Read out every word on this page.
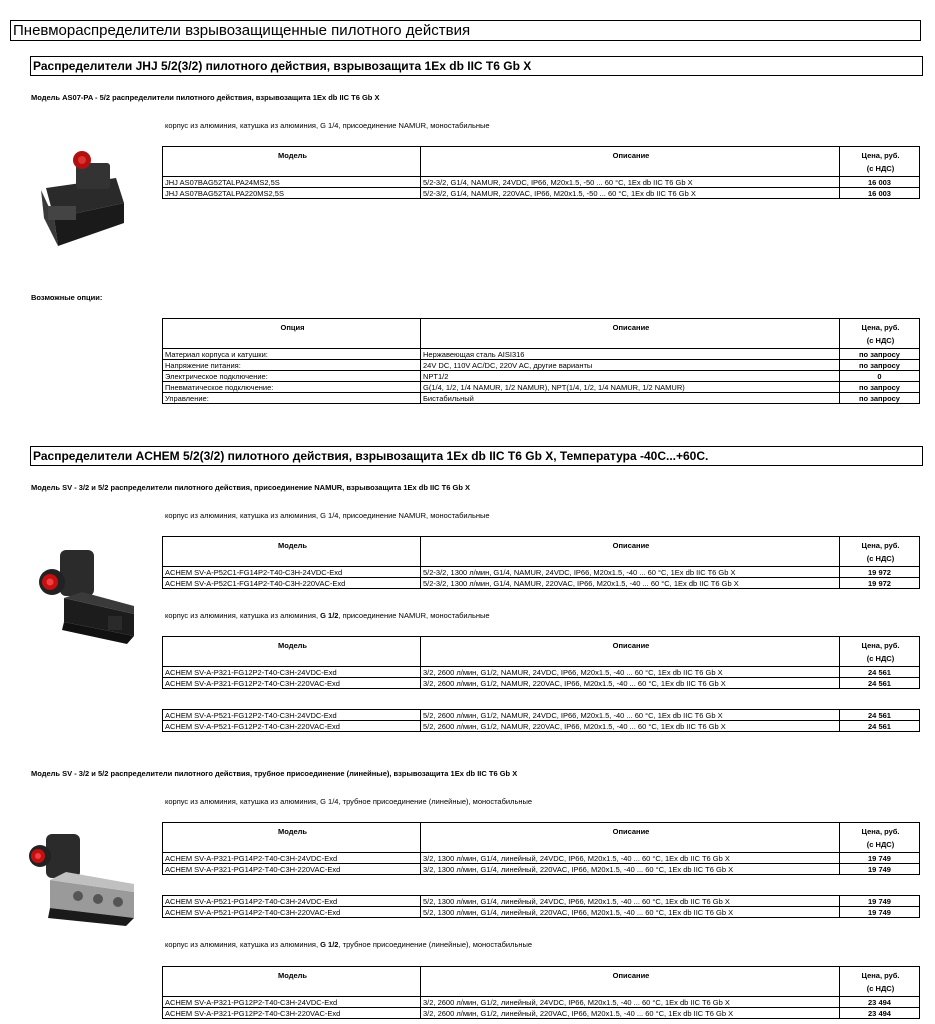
Пневмораспределители взрывозащищенные пилотного действия
Распределители JHJ 5/2(3/2) пилотного действия, взрывозащита 1Ex db IIC T6 Gb X
Модель AS07-PA - 5/2 распределители пилотного действия, взрывозащита 1Ex db IIC T6 Gb X
корпус из алюминия, катушка из алюминия, G 1/4, присоединение NAMUR, моностабильные
Модель	Описание	Цена, руб.
(с НДС)
JHJ AS07BAG52TALPA24MS2,5S	5/2-3/2, G1/4, NAMUR, 24VDC, IP66, M20x1.5, -50 ... 60 °C, 1Ex db IIC T6 Gb X	16 003
JHJ AS07BAG52TALPA220MS2,5S	5/2-3/2, G1/4, NAMUR, 220VAC, IP66, M20x1.5, -50 ... 60 °C, 1Ex db IIC T6 Gb X	16 003
Возможные опции:
Опция	Описание	Цена, руб.
(с НДС)
Материал корпуса и катушки:	Нержавеющая сталь AISI316	по запросу
Напряжение питания:	24V DC, 110V AC/DC, 220V AC, другие варианты	по запросу
Электрическое подключение:	NPT1/2	0
Пневматическое подключение:	G(1/4, 1/2, 1/4 NAMUR, 1/2 NAMUR), NPT(1/4, 1/2, 1/4 NAMUR, 1/2 NAMUR)	по запросу
Управление:	Бистабильный	по запросу
Распределители ACHEM 5/2(3/2) пилотного действия, взрывозащита 1Ex db IIC T6 Gb X, Температура -40C...+60C.
Модель SV - 3/2 и 5/2 распределители пилотного действия, присоединение NAMUR, взрывозащита 1Ex db IIC T6 Gb X
корпус из алюминия, катушка из алюминия, G 1/4, присоединение NAMUR, моностабильные
Модель	Описание	Цена, руб.
(с НДС)
ACHEM SV-A-P52C1-FG14P2-T40-C3H-24VDC-Exd	5/2-3/2, 1300 л/мин, G1/4, NAMUR, 24VDC, IP66, M20x1.5, -40 ... 60 °C, 1Ex db IIC T6 Gb X	19 972
ACHEM SV-A-P52C1-FG14P2-T40-C3H-220VAC-Exd	5/2-3/2, 1300 л/мин, G1/4, NAMUR, 220VAC, IP66, M20x1.5, -40 ... 60 °C, 1Ex db IIC T6 Gb X	19 972
корпус из алюминия, катушка из алюминия, G 1/2, присоединение NAMUR, моностабильные
Модель	Описание	Цена, руб.
(с НДС)
ACHEM SV-A-P321-FG12P2-T40-C3H-24VDC-Exd	3/2, 2600 л/мин, G1/2, NAMUR, 24VDC, IP66, M20x1.5, -40 ... 60 °C, 1Ex db IIC T6 Gb X	24 561
ACHEM SV-A-P321-FG12P2-T40-C3H-220VAC-Exd	3/2, 2600 л/мин, G1/2, NAMUR, 220VAC, IP66, M20x1.5, -40 ... 60 °C, 1Ex db IIC T6 Gb X	24 561
ACHEM SV-A-P521-FG12P2-T40-C3H-24VDC-Exd	5/2, 2600 л/мин, G1/2, NAMUR, 24VDC, IP66, M20x1.5, -40 ... 60 °C, 1Ex db IIC T6 Gb X	24 561
ACHEM SV-A-P521-FG12P2-T40-C3H-220VAC-Exd	5/2, 2600 л/мин, G1/2, NAMUR, 220VAC, IP66, M20x1.5, -40 ... 60 °C, 1Ex db IIC T6 Gb X	24 561
Модель SV - 3/2 и 5/2 распределители пилотного действия, трубное присоединение (линейные), взрывозащита 1Ex db IIC T6 Gb X
корпус из алюминия, катушка из алюминия, G 1/4, трубное присоединение (линейные), моностабильные
Модель	Описание	Цена, руб.
(с НДС)
ACHEM SV-A-P321-PG14P2-T40-C3H-24VDC-Exd	3/2, 1300 л/мин, G1/4, линейный, 24VDC, IP66, M20x1.5, -40 ... 60 °C, 1Ex db IIC T6 Gb X	19 749
ACHEM SV-A-P321-PG14P2-T40-C3H-220VAC-Exd	3/2, 1300 л/мин, G1/4, линейный, 220VAC, IP66, M20x1.5, -40 ... 60 °C, 1Ex db IIC T6 Gb X	19 749
ACHEM SV-A-P521-PG14P2-T40-C3H-24VDC-Exd	5/2, 1300 л/мин, G1/4, линейный, 24VDC, IP66, M20x1.5, -40 ... 60 °C, 1Ex db IIC T6 Gb X	19 749
ACHEM SV-A-P521-PG14P2-T40-C3H-220VAC-Exd	5/2, 1300 л/мин, G1/4, линейный, 220VAC, IP66, M20x1.5, -40 ... 60 °C, 1Ex db IIC T6 Gb X	19 749
корпус из алюминия, катушка из алюминия, G 1/2, трубное присоединение (линейные), моностабильные
Модель	Описание	Цена, руб.
(с НДС)
ACHEM SV-A-P321-PG12P2-T40-C3H-24VDC-Exd	3/2, 2600 л/мин, G1/2, линейный, 24VDC, IP66, M20x1.5, -40 ... 60 °C, 1Ex db IIC T6 Gb X	23 494
ACHEM SV-A-P321-PG12P2-T40-C3H-220VAC-Exd	3/2, 2600 л/мин, G1/2, линейный, 220VAC, IP66, M20x1.5, -40 ... 60 °C, 1Ex db IIC T6 Gb X	23 494
